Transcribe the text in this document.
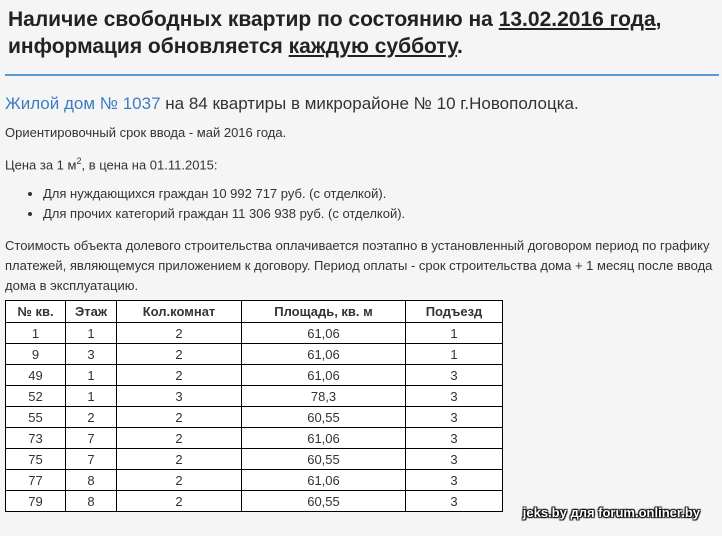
Наличие свободных квартир по состоянию на 13.02.2016 года,
информация обновляется каждую субботу.
Жилой дом № 1037 на 84 квартиры в микрорайоне № 10 г.Новополоцка.
Ориентировочный срок ввода - май 2016 года.
Цена за 1 $м^2$, в цена на 01.11.2015:
• Для нуждающихся граждан 10 992 717 руб. (с отделкой).
• Для прочих категорий граждан 11 306 938 руб. (с отделкой).
Стоимость объекта долевого строительства оплачивается поэтапно в установленный договором период по графику платежей, являющемуся приложением к договору. Период оплаты - срок строительства дома + 1 месяц после ввода дома в эксплуатацию.
№ кв.	Этаж	Кол.комнат	Площадь, кв. м	Подъезд
1	1	2	61,06	1
9	3	2	61,06	1
49	1	2	61,06	3
52	1	3	78,3	3
55	2	2	60,55	3
73	7	2	61,06	3
75	7	2	60,55	3
77	8	2	61,06	3
79	8	2	60,55	3
jeks.by для forum.onliner.by
